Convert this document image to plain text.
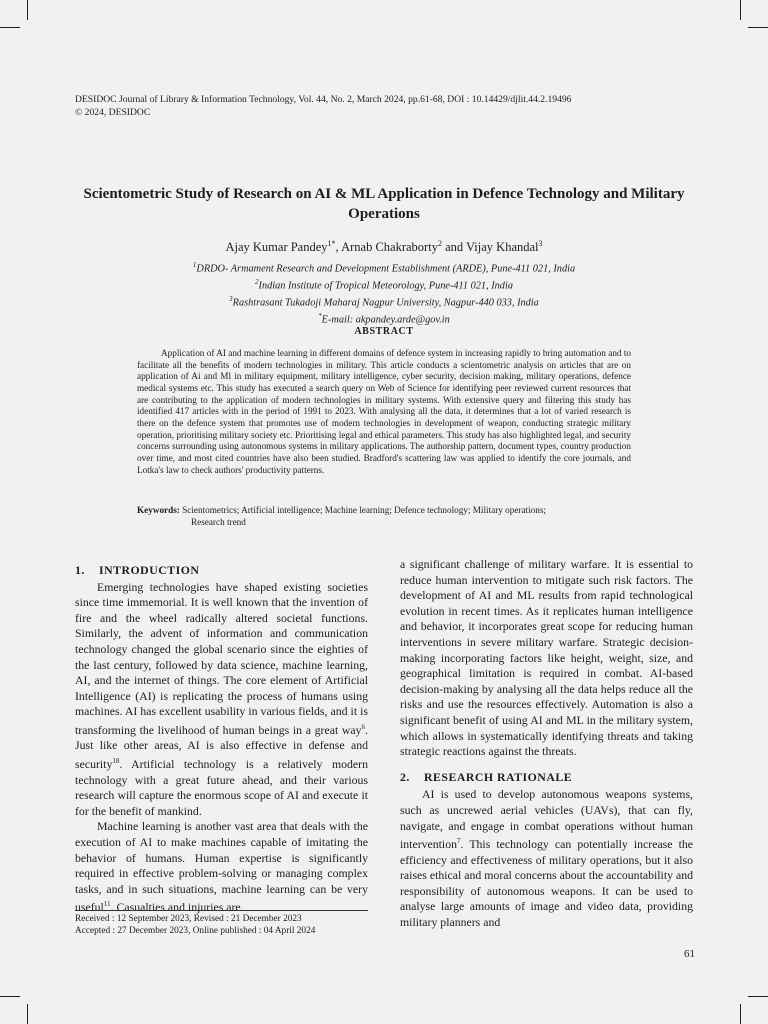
DESIDOC Journal of Library & Information Technology, Vol. 44, No. 2, March 2024, pp.61-68, DOI : 10.14429/djlit.44.2.19496
© 2024, DESIDOC
Scientometric Study of Research on AI & ML Application in Defence Technology and Military Operations
Ajay Kumar Pandey$^{1*}$, Arnab Chakraborty$^2$ and Vijay Khandal$^3$
$^1$DRDO- Armament Research and Development Establishment (ARDE), Pune-411 021, India
$^2$Indian Institute of Tropical Meteorology, Pune-411 021, India
$^3$Rashtrasant Tukadoji Maharaj Nagpur University, Nagpur-440 033, India
*E-mail: akpandey.arde@gov.in
ABSTRACT
Application of AI and machine learning in different domains of defence system in increasing rapidly to bring automation and to facilitate all the benefits of modern technologies in military. This article conducts a scientometric analysis on articles that are on application of Ai and Ml in military equipment, military intelligence, cyber security, decision making, military operations, defence medical systems etc. This study has executed a search query on Web of Science for identifying peer reviewed current resources that are contributing to the application of modern technologies in military systems. With extensive query and filtering this study has identified 417 articles with in the period of 1991 to 2023. With analysing all the data, it determines that a lot of varied research is there on the defence system that promotes use of modern technologies in development of weapon, conducting strategic military operation, prioritising military society etc. Prioritising legal and ethical parameters. This study has also highlighted legal, and security concerns surrounding using autonomous systems in military applications. The authorship pattern, document types, country production over time, and most cited countries have also been studied. Bradford's scattering law was applied to identify the core journals, and Lotka's law to check authors' productivity patterns.
Keywords: Scientometrics; Artificial intelligence; Machine learning; Defence technology; Military operations;
Research trend
1. INTRODUCTION

Emerging technologies have shaped existing societies since time immemorial. It is well known that the invention of fire and the wheel radically altered societal functions. Similarly, the advent of information and communication technology changed the global scenario since the eighties of the last century, followed by data science, machine learning, AI, and the internet of things. The core element of Artificial Intelligence (AI) is replicating the process of humans using machines. AI has excellent usability in various fields, and it is transforming the livelihood of human beings in a great way$^6$. Just like other areas, AI is also effective in defense and security$^{18}$. Artificial technology is a relatively modern technology with a great future ahead, and their various research will capture the enormous scope of AI and execute it for the benefit of mankind.

Machine learning is another vast area that deals with the execution of AI to make machines capable of imitating the behavior of humans. Human expertise is significantly required in effective problem-solving or managing complex tasks, and in such situations, machine learning can be very useful$^{11}$. Casualties and injuries are

a significant challenge of military warfare. It is essential to reduce human intervention to mitigate such risk factors. The development of AI and ML results from rapid technological evolution in recent times. As it replicates human intelligence and behavior, it incorporates great scope for reducing human interventions in severe military warfare. Strategic decision-making incorporating factors like height, weight, size, and geographical limitation is required in combat. AI-based decision-making by analysing all the data helps reduce all the risks and use the resources effectively. Automation is also a significant benefit of using AI and ML in the military system, which allows in systematically identifying threats and taking strategic reactions against the threats.

2. RESEARCH RATIONALE

AI is used to develop autonomous weapons systems, such as uncrewed aerial vehicles (UAVs), that can fly, navigate, and engage in combat operations without human intervention$^7$. This technology can potentially increase the efficiency and effectiveness of military operations, but it also raises ethical and moral concerns about the accountability and responsibility of autonomous weapons. It can be used to analyse large amounts of image and video data, providing military planners and

Received : 12 September 2023, Revised : 21 December 2023
Accepted : 27 December 2023, Online published : 04 April 2024
61
